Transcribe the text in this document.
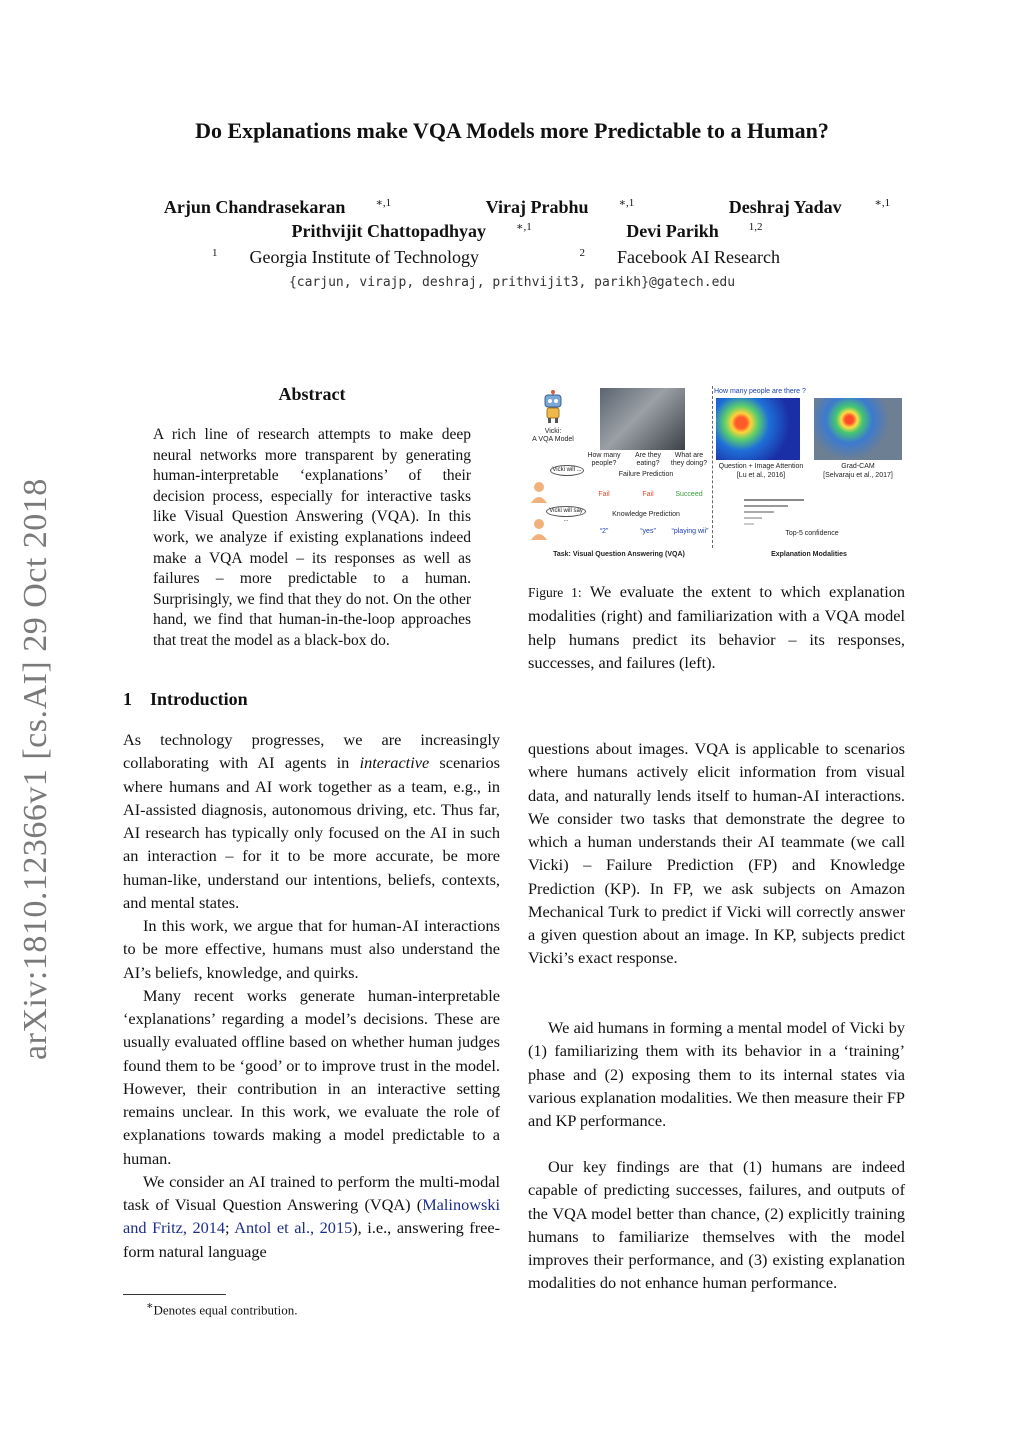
Do Explanations make VQA Models more Predictable to a Human?
Arjun Chandrasekaran	$^{∗,1}$	Viraj Prabhu	$^{∗,1}$	Deshraj Yadav	$^{∗,1}$
Prithvijit Chattopadhyay	$^{∗,1}$	Devi Parikh	$^{1,2}$
$^1$ Georgia Institute of Technology	$^2$ Facebook AI Research
{carjun, virajp, deshraj, prithvijit3, parikh}@gatech.edu
arXiv:1810.12366v1 [cs.AI] 29 Oct 2018
Abstract
A rich line of research attempts to make deep neural networks more transparent by generating human-interpretable ‘explanations’ of their decision process, especially for interactive tasks like Visual Question Answering (VQA). In this work, we analyze if existing explanations indeed make a VQA model – its responses as well as failures – more predictable to a human. Surprisingly, we find that they do not. On the other hand, we find that human-in-the-loop approaches that treat the model as a black-box do.
1 Introduction

As technology progresses, we are increasingly collaborating with AI agents in interactive scenarios where humans and AI work together as a team, e.g., in AI-assisted diagnosis, autonomous driving, etc. Thus far, AI research has typically only focused on the AI in such an interaction – for it to be more accurate, be more human-like, understand our intentions, beliefs, contexts, and mental states.

In this work, we argue that for human-AI interactions to be more effective, humans must also understand the AI’s beliefs, knowledge, and quirks.

Many recent works generate human-interpretable ‘explanations’ regarding a model’s decisions. These are usually evaluated offline based on whether human judges found them to be ‘good’ or to improve trust in the model. However, their contribution in an interactive setting remains unclear. In this work, we evaluate the role of explanations towards making a model predictable to a human.

We consider an AI trained to perform the multi-modal task of Visual Question Answering (VQA) (Malinowski and Fritz, 2014; Antol et al., 2015), i.e., answering free-form natural language

∗Denotes equal contribution.
Vicki:
A VQA Model
How many people?
Are they eating?
What are they doing?
Vicki will ...
Failure Prediction
Fail	Fail	Succeed
Vicki will say ...
Knowledge Prediction
“2”	“yes”	“playing wii”
Task: Visual Question Answering (VQA)
How many people are there ?
Question + Image Attention
[Lu et al., 2016]
Grad-CAM
[Selvaraju et al., 2017]
Top-5 confidence
Explanation Modalities
Figure 1: We evaluate the extent to which explanation modalities (right) and familiarization with a VQA model help humans predict its behavior – its responses, successes, and failures (left).

questions about images. VQA is applicable to scenarios where humans actively elicit information from visual data, and naturally lends itself to human-AI interactions. We consider two tasks that demonstrate the degree to which a human understands their AI teammate (we call Vicki) – Failure Prediction (FP) and Knowledge Prediction (KP). In FP, we ask subjects on Amazon Mechanical Turk to predict if Vicki will correctly answer a given question about an image. In KP, subjects predict Vicki’s exact response.

We aid humans in forming a mental model of Vicki by (1) familiarizing them with its behavior in a ‘training’ phase and (2) exposing them to its internal states via various explanation modalities. We then measure their FP and KP performance.
Our key findings are that (1) humans are indeed capable of predicting successes, failures, and outputs of the VQA model better than chance, (2) explicitly training humans to familiarize themselves with the model improves their performance, and (3) existing explanation modalities do not enhance human performance.
